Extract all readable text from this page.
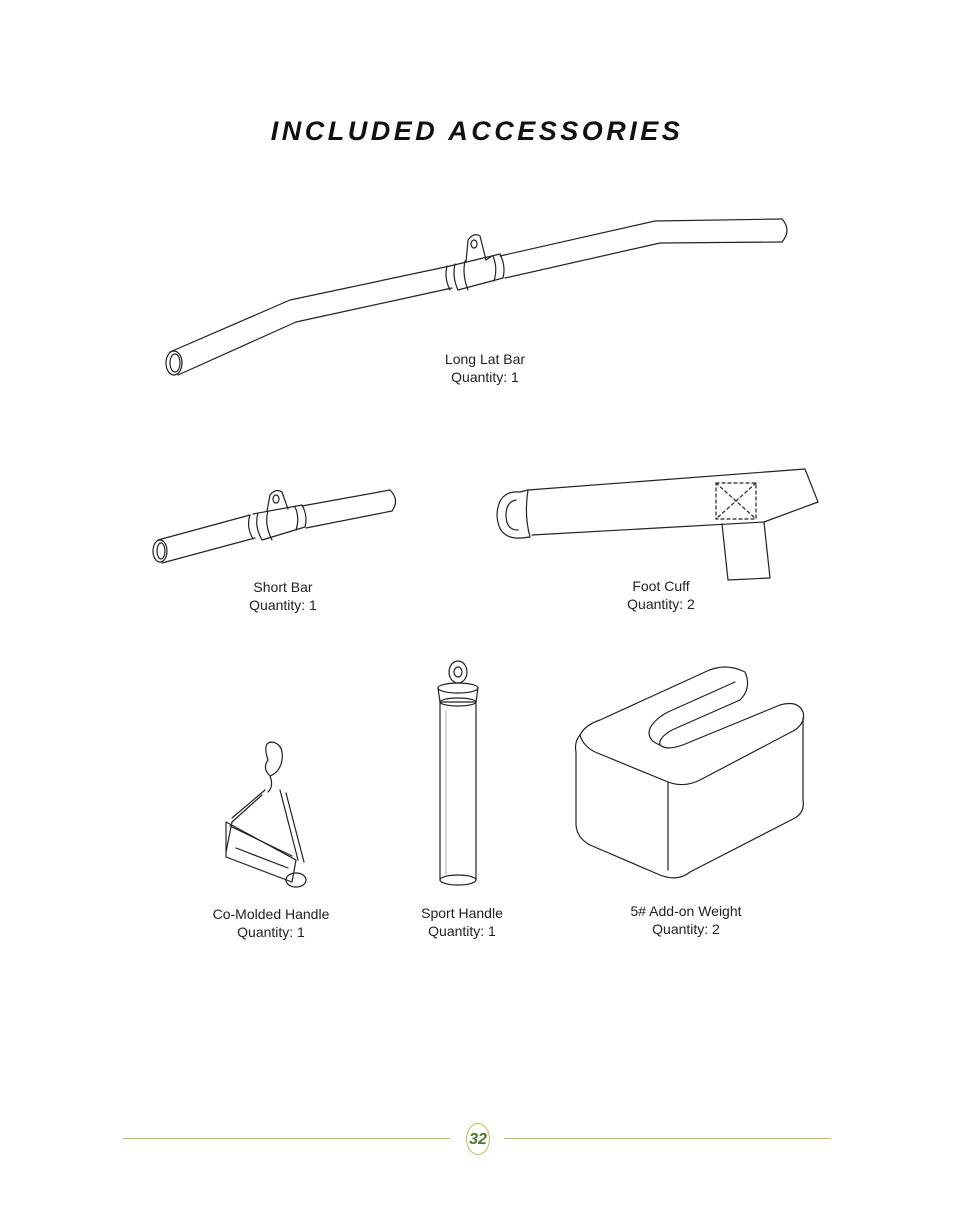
INCLUDED ACCESSORIES
Long Lat Bar
Quantity: 1
Short Bar
Quantity: 1
Foot Cuff
Quantity: 2
Co-Molded Handle
Quantity: 1
Sport Handle
Quantity: 1
5# Add-on Weight
Quantity: 2
32
